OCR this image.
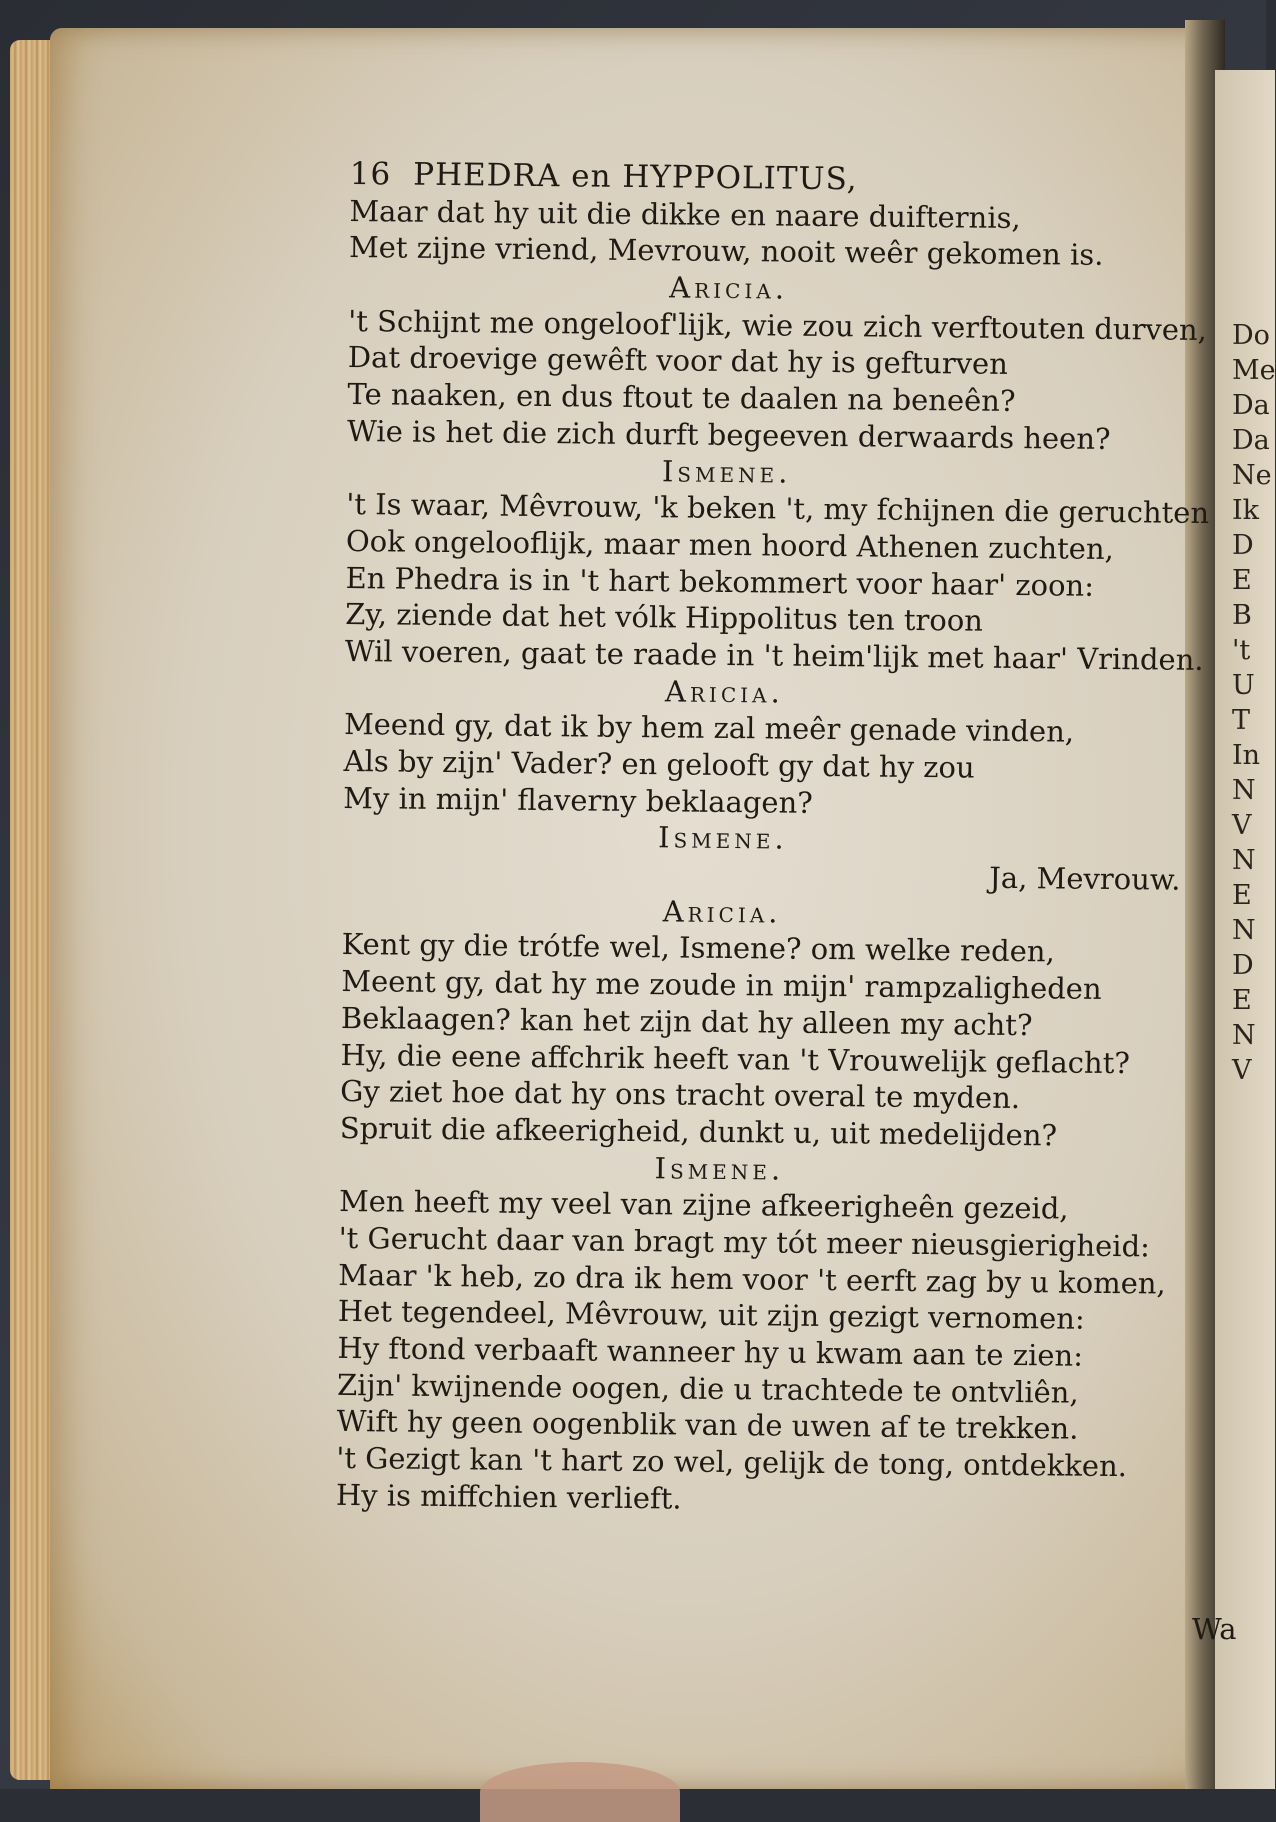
Do
Me
Da
Da
Ne
Ik
D
E
B
't
U
T
In
N
V
N
E
N
D
E
N
V
16 PHEDRA en HYPPOLITUS,
Maar dat hy uit die dikke en naare duifternis,
Met zijne vriend, Mevrouw, nooit weêr gekomen is.
Aricia.
't Schijnt me ongeloof'lijk, wie zou zich verftouten durven,
Dat droevige gewêft voor dat hy is gefturven
Te naaken, en dus ftout te daalen na beneên?
Wie is het die zich durft begeeven derwaards heen?
Ismene.
't Is waar, Mêvrouw, 'k beken 't, my fchijnen die geruchten
Ook ongelooflijk, maar men hoord Athenen zuchten,
En Phedra is in 't hart bekommert voor haar' zoon:
Zy, ziende dat het vólk Hippolitus ten troon
Wil voeren, gaat te raade in 't heim'lijk met haar' Vrinden.
Aricia.
Meend gy, dat ik by hem zal meêr genade vinden,
Als by zijn' Vader? en gelooft gy dat hy zou
My in mijn' flaverny beklaagen?
Ismene.
Ja, Mevrouw.
Aricia.
Kent gy die trótfe wel, Ismene? om welke reden,
Meent gy, dat hy me zoude in mijn' rampzaligheden
Beklaagen? kan het zijn dat hy alleen my acht?
Hy, die eene affchrik heeft van 't Vrouwelijk geflacht?
Gy ziet hoe dat hy ons tracht overal te myden.
Spruit die afkeerigheid, dunkt u, uit medelijden?
Ismene.
Men heeft my veel van zijne afkeerigheên gezeid,
't Gerucht daar van bragt my tót meer nieusgierigheid:
Maar 'k heb, zo dra ik hem voor 't eerft zag by u komen,
Het tegendeel, Mêvrouw, uit zijn gezigt vernomen:
Hy ftond verbaaft wanneer hy u kwam aan te zien:
Zijn' kwijnende oogen, die u trachtede te ontvliên,
Wift hy geen oogenblik van de uwen af te trekken.
't Gezigt kan 't hart zo wel, gelijk de tong, ontdekken.
Hy is miffchien verlieft.
Wa
